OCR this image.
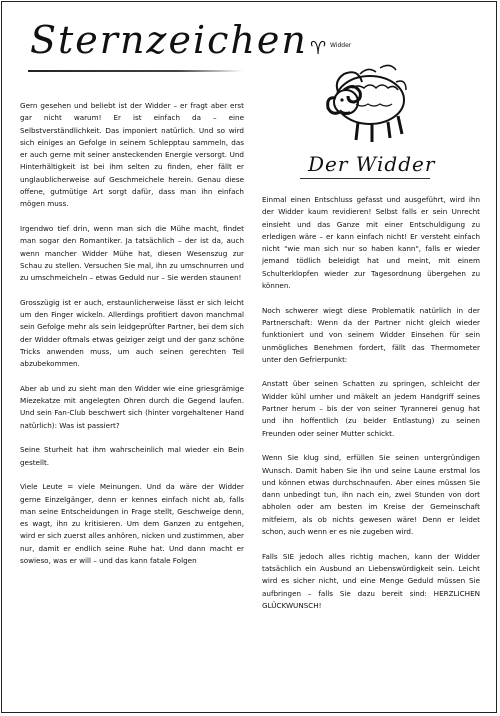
Sternzeichen ♈ Widder
Der Widder

Gern gesehen und beliebt ist der Widder – er fragt aber erst gar nicht warum! Er ist einfach da – eine Selbstverständlichkeit. Das imponiert natürlich. Und so wird sich einiges an Gefolge in seinem Schlepptau sammeln, das er auch gerne mit seiner ansteckenden Energie versorgt. Und Hinterhältigkeit ist bei ihm selten zu finden, eher fällt er unglaublicherweise auf Geschmeichele herein. Genau diese offene, gutmütige Art sorgt dafür, dass man ihn einfach mögen muss.

Irgendwo tief drin, wenn man sich die Mühe macht, findet man sogar den Romantiker. Ja tatsächlich – der ist da, auch wenn mancher Widder Mühe hat, diesen Wesenszug zur Schau zu stellen. Versuchen Sie mal, ihn zu umschnurren und zu umschmeicheln – etwas Geduld nur – Sie werden staunen!

Grosszügig ist er auch, erstaunlicherweise lässt er sich leicht um den Finger wickeln. Allerdings profitiert davon manchmal sein Gefolge mehr als sein leidgeprüfter Partner, bei dem sich der Widder oftmals etwas geiziger zeigt und der ganz schöne Tricks anwenden muss, um auch seinen gerechten Teil abzubekommen.

Aber ab und zu sieht man den Widder wie eine griesgrämige Miezekatze mit angelegten Ohren durch die Gegend laufen. Und sein Fan-Club beschwert sich (hinter vorgehaltener Hand natürlich): Was ist passiert?

Seine Sturheit hat ihm wahrscheinlich mal wieder ein Bein gestellt.

Viele Leute = viele Meinungen. Und da wäre der Widder gerne Einzelgänger, denn er kennes einfach nicht ab, falls man seine Entscheidungen in Frage stellt, Geschweige denn, es wagt, ihn zu kritisieren. Um dem Ganzen zu entgehen, wird er sich zuerst alles anhören, nicken und zustimmen, aber nur, damit er endlich seine Ruhe hat. Und dann macht er sowieso, was er will – und das kann fatale Folgen

Einmal einen Entschluss gefasst und ausgeführt, wird ihn der Widder kaum revidieren! Selbst falls er sein Unrecht einsieht und das Ganze mit einer Entschuldigung zu erledigen wäre – er kann einfach nicht! Er versteht einfach nicht "wie man sich nur so haben kann", falls er wieder jemand tödlich beleidigt hat und meint, mit einem Schulterklopfen wieder zur Tagesordnung übergehen zu können.

Noch schwerer wiegt diese Problematik natürlich in der Partnerschaft: Wenn da der Partner nicht gleich wieder funktioniert und von seinem Widder Einsehen für sein unmögliches Benehmen fordert, fällt das Thermometer unter den Gefrierpunkt:

Anstatt über seinen Schatten zu springen, schleicht der Widder kühl umher und mäkelt an jedem Handgriff seines Partner herum – bis der von seiner Tyrannerei genug hat und ihn hoffentlich (zu beider Entlastung) zu seinen Freunden oder seiner Mutter schickt.

Wenn Sie klug sind, erfüllen Sie seinen untergründigen Wunsch. Damit haben Sie ihn und seine Laune erstmal los und können etwas durchschnaufen. Aber eines müssen Sie dann unbedingt tun, ihn nach ein, zwei Stunden von dort abholen oder am besten im Kreise der Gemeinschaft mitfeiern, als ob nichts gewesen wäre! Denn er leidet schon, auch wenn er es nie zugeben wird.

Falls SIE jedoch alles richtig machen, kann der Widder tatsächlich ein Ausbund an Liebenswürdigkeit sein. Leicht wird es sicher nicht, und eine Menge Geduld müssen Sie aufbringen – falls Sie dazu bereit sind: HERZLICHEN GLÜCKWUNSCH!
